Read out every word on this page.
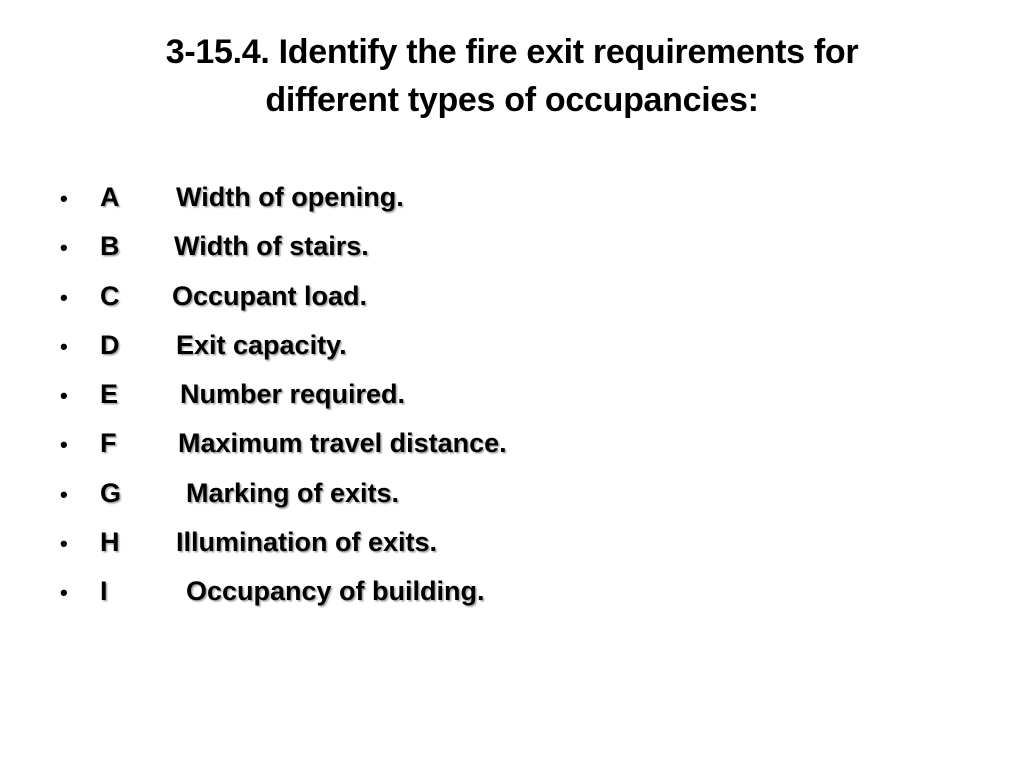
3-15.4. Identify the fire exit requirements for
different types of occupancies:
•	A	Width of opening.
•	B	Width of stairs.
•	C	Occupant load.
•	D	Exit capacity.
•	E	Number required.
•	F	Maximum travel distance.
•	G	Marking of exits.
•	H	Illumination of exits.
•	I	Occupancy of building.
